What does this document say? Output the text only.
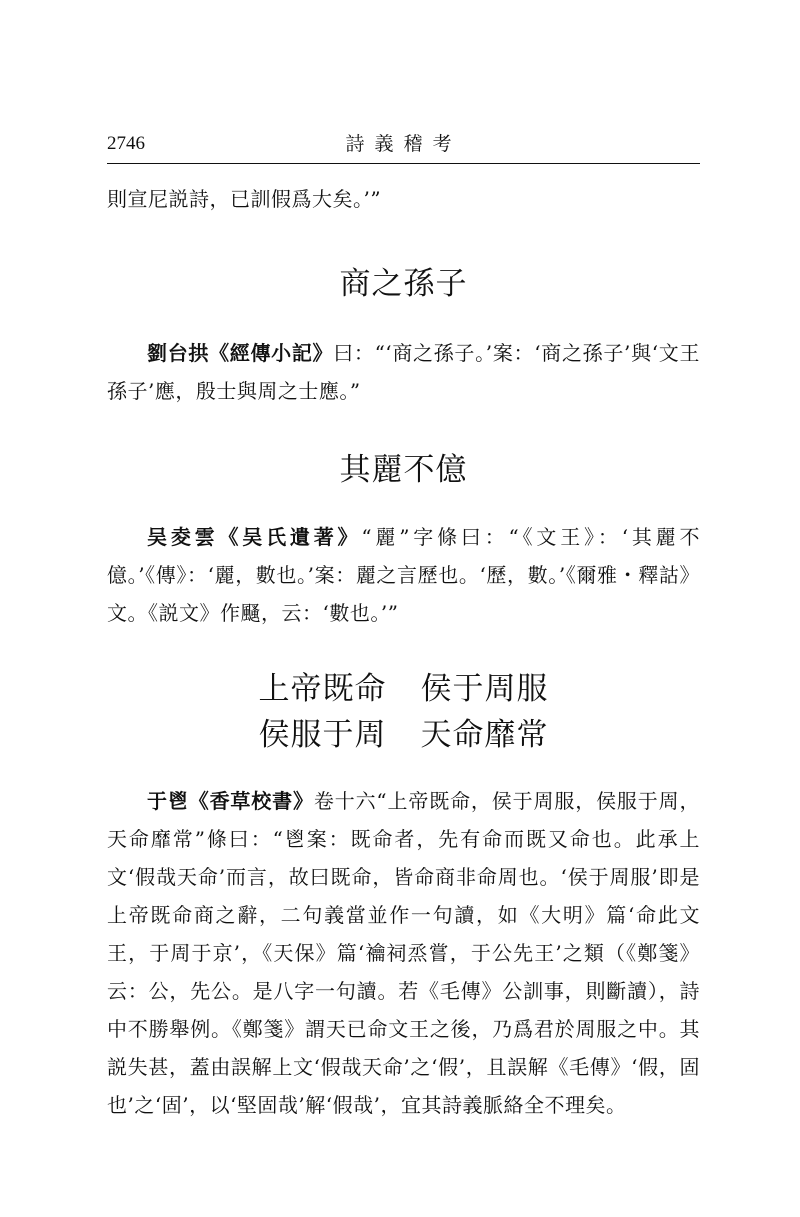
2746	詩義稽考

則宣尼説詩，已訓假爲大矣。’”

商之孫子

劉台拱《經傳小記》曰：“‘商之孫子。’案：‘商之孫子’與‘文王孫子’應，殷士與周之士應。”

其麗不億

吴夌雲《吴氏遺著》“麗”字條曰：“《文王》：‘其麗不億。’《傳》：‘麗，數也。’案：麗之言歷也。‘歷，數。’《爾雅・釋詁》文。《説文》作颾，云：‘數也。’”

上帝既命 侯于周服
侯服于周 天命靡常

于鬯《香草校書》卷十六“上帝既命，侯于周服，侯服于周，天命靡常”條曰：“鬯案：既命者，先有命而既又命也。此承上文‘假哉天命’而言，故曰既命，皆命商非命周也。‘侯于周服’即是上帝既命商之辭，二句義當並作一句讀，如《大明》篇‘命此文王，于周于京’，《天保》篇‘禴祠烝嘗，于公先王’之類（《鄭箋》云：公，先公。是八字一句讀。若《毛傳》公訓事，則斷讀），詩中不勝舉例。《鄭箋》謂天已命文王之後，乃爲君於周服之中。其説失甚，蓋由誤解上文‘假哉天命’之‘假’，且誤解《毛傳》‘假，固也’之‘固’，以‘堅固哉’解‘假哉’，宜其詩義脈絡全不理矣。
